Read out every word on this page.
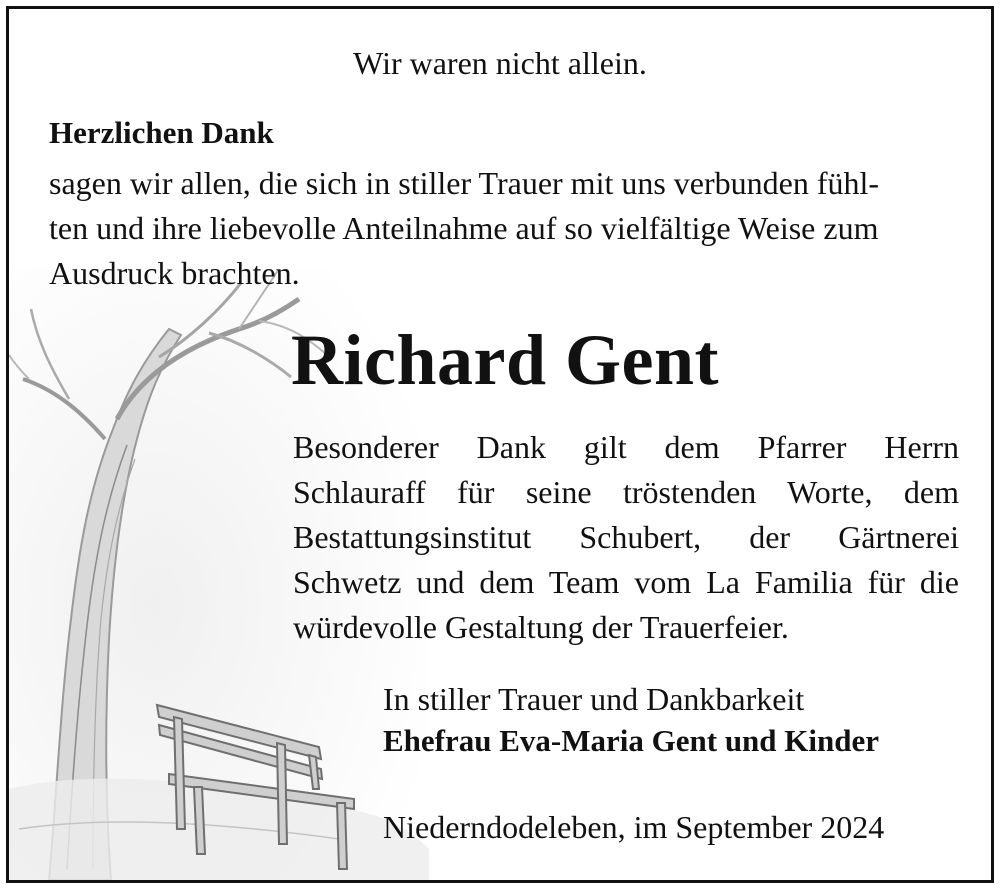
Wir waren nicht allein.
Herzlichen Dank
sagen wir allen, die sich in stiller Trauer mit uns verbunden fühl-
ten und ihre liebevolle Anteilnahme auf so vielfältige Weise zum
Ausdruck brachten.
Richard Gent
Besonderer Dank gilt dem Pfarrer Herrn
Schlauraff für seine tröstenden Worte, dem
Bestattungsinstitut Schubert, der Gärtnerei
Schwetz und dem Team vom La Familia für die
würdevolle Gestaltung der Trauerfeier.
In stiller Trauer und Dankbarkeit
Ehefrau Eva-Maria Gent und Kinder
Niederndodeleben, im September 2024
